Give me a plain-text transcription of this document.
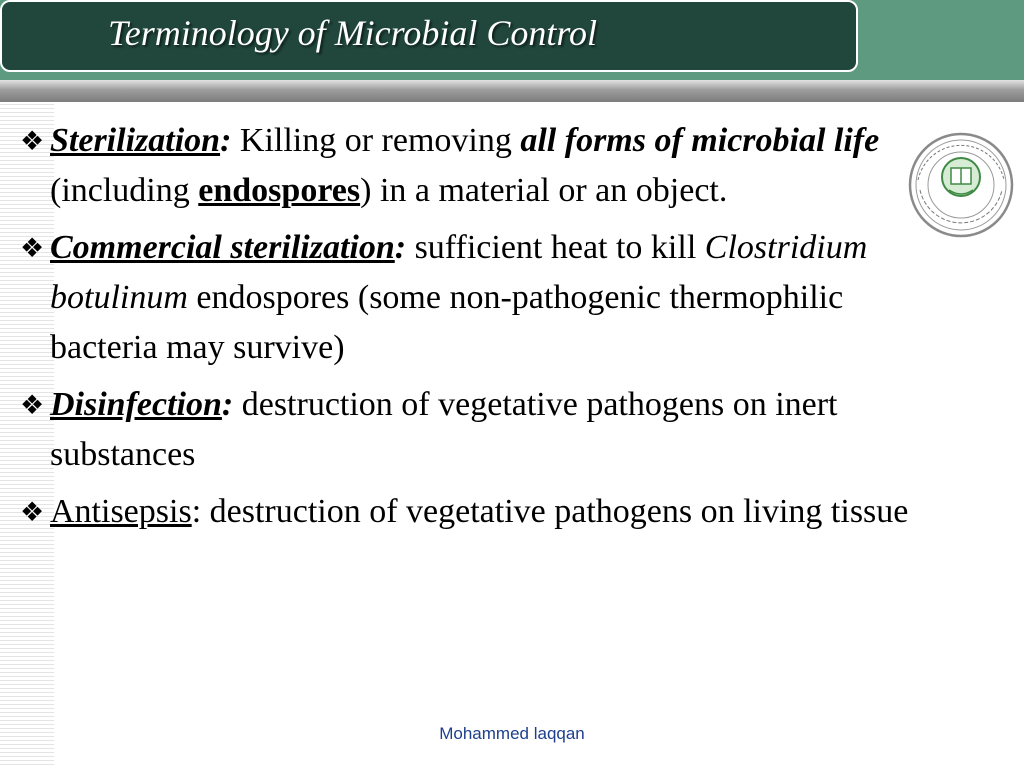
Terminology of Microbial Control
❖ Sterilization: Killing or removing all forms of microbial life (including endospores) in a material or an object.
❖ Commercial sterilization: sufficient heat to kill Clostridium botulinum endospores (some non-pathogenic thermophilic bacteria may survive)
❖ Disinfection: destruction of vegetative pathogens on inert substances
❖ Antisepsis: destruction of vegetative pathogens on living tissue
Mohammed laqqan
